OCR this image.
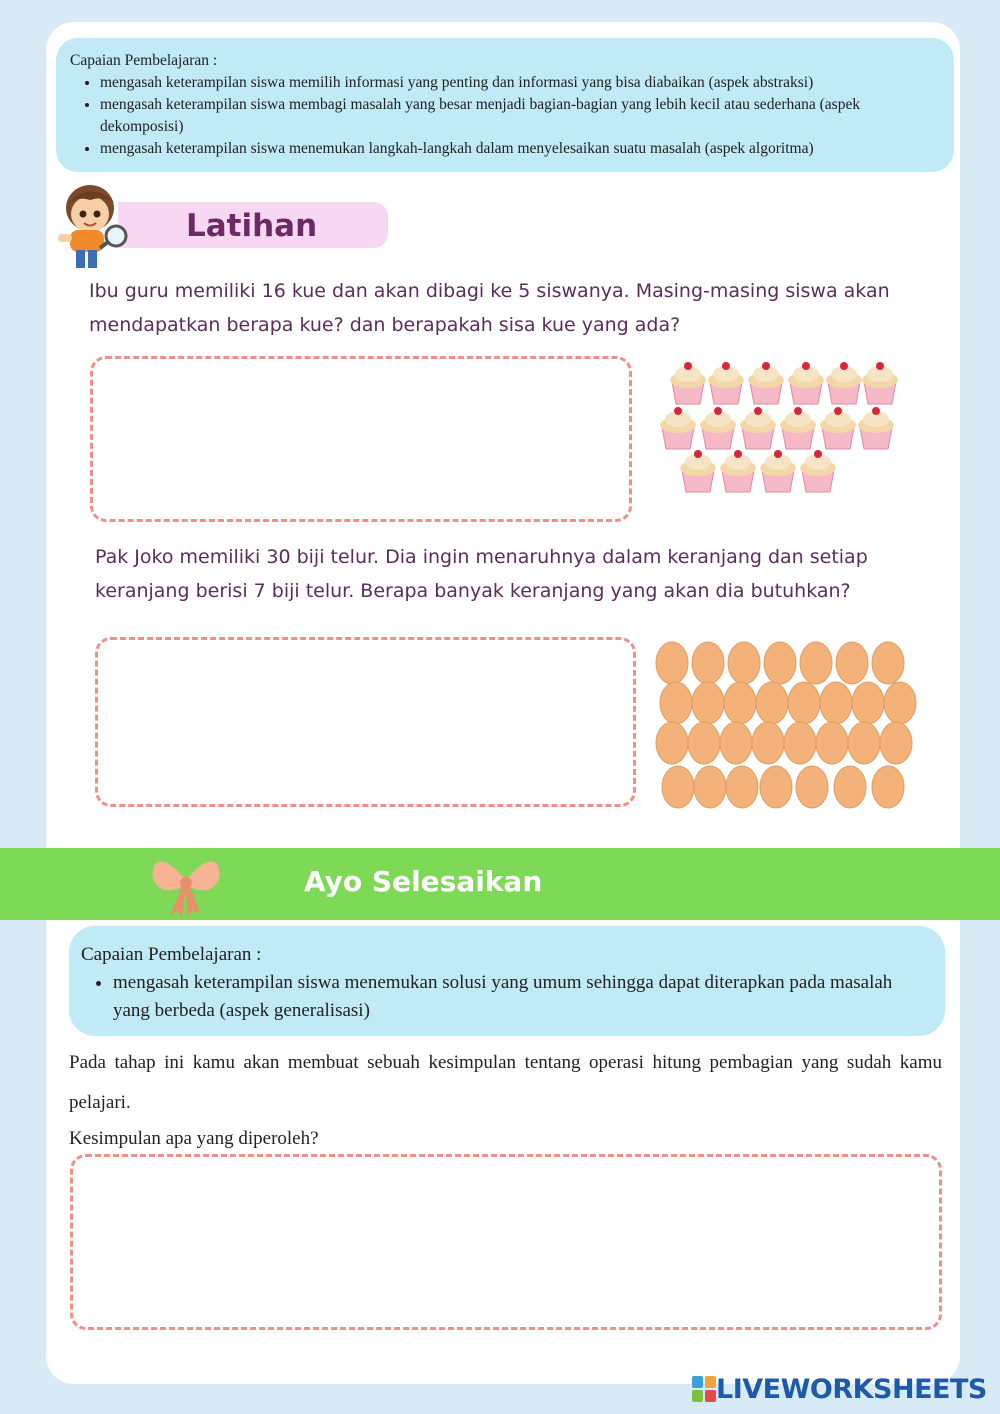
Capaian Pembelajaran :
• mengasah keterampilan siswa memilih informasi yang penting dan informasi yang bisa diabaikan (aspek abstraksi)
• mengasah keterampilan siswa membagi masalah yang besar menjadi bagian-bagian yang lebih kecil atau sederhana (aspek dekomposisi)
• mengasah keterampilan siswa menemukan langkah-langkah dalam menyelesaikan suatu masalah (aspek algoritma)
Latihan
Ibu guru memiliki 16 kue dan akan dibagi ke 5 siswanya. Masing-masing siswa akan mendapatkan berapa kue? dan berapakah sisa kue yang ada?
Pak Joko memiliki 30 biji telur. Dia ingin menaruhnya dalam keranjang dan setiap keranjang berisi 7 biji telur. Berapa banyak keranjang yang akan dia butuhkan?
Ayo Selesaikan
Capaian Pembelajaran :
• mengasah keterampilan siswa menemukan solusi yang umum sehingga dapat diterapkan pada masalah yang berbeda (aspek generalisasi)
Pada tahap ini kamu akan membuat sebuah kesimpulan tentang operasi hitung pembagian yang sudah kamu pelajari.
Kesimpulan apa yang diperoleh?
LIVEWORKSHEETS
